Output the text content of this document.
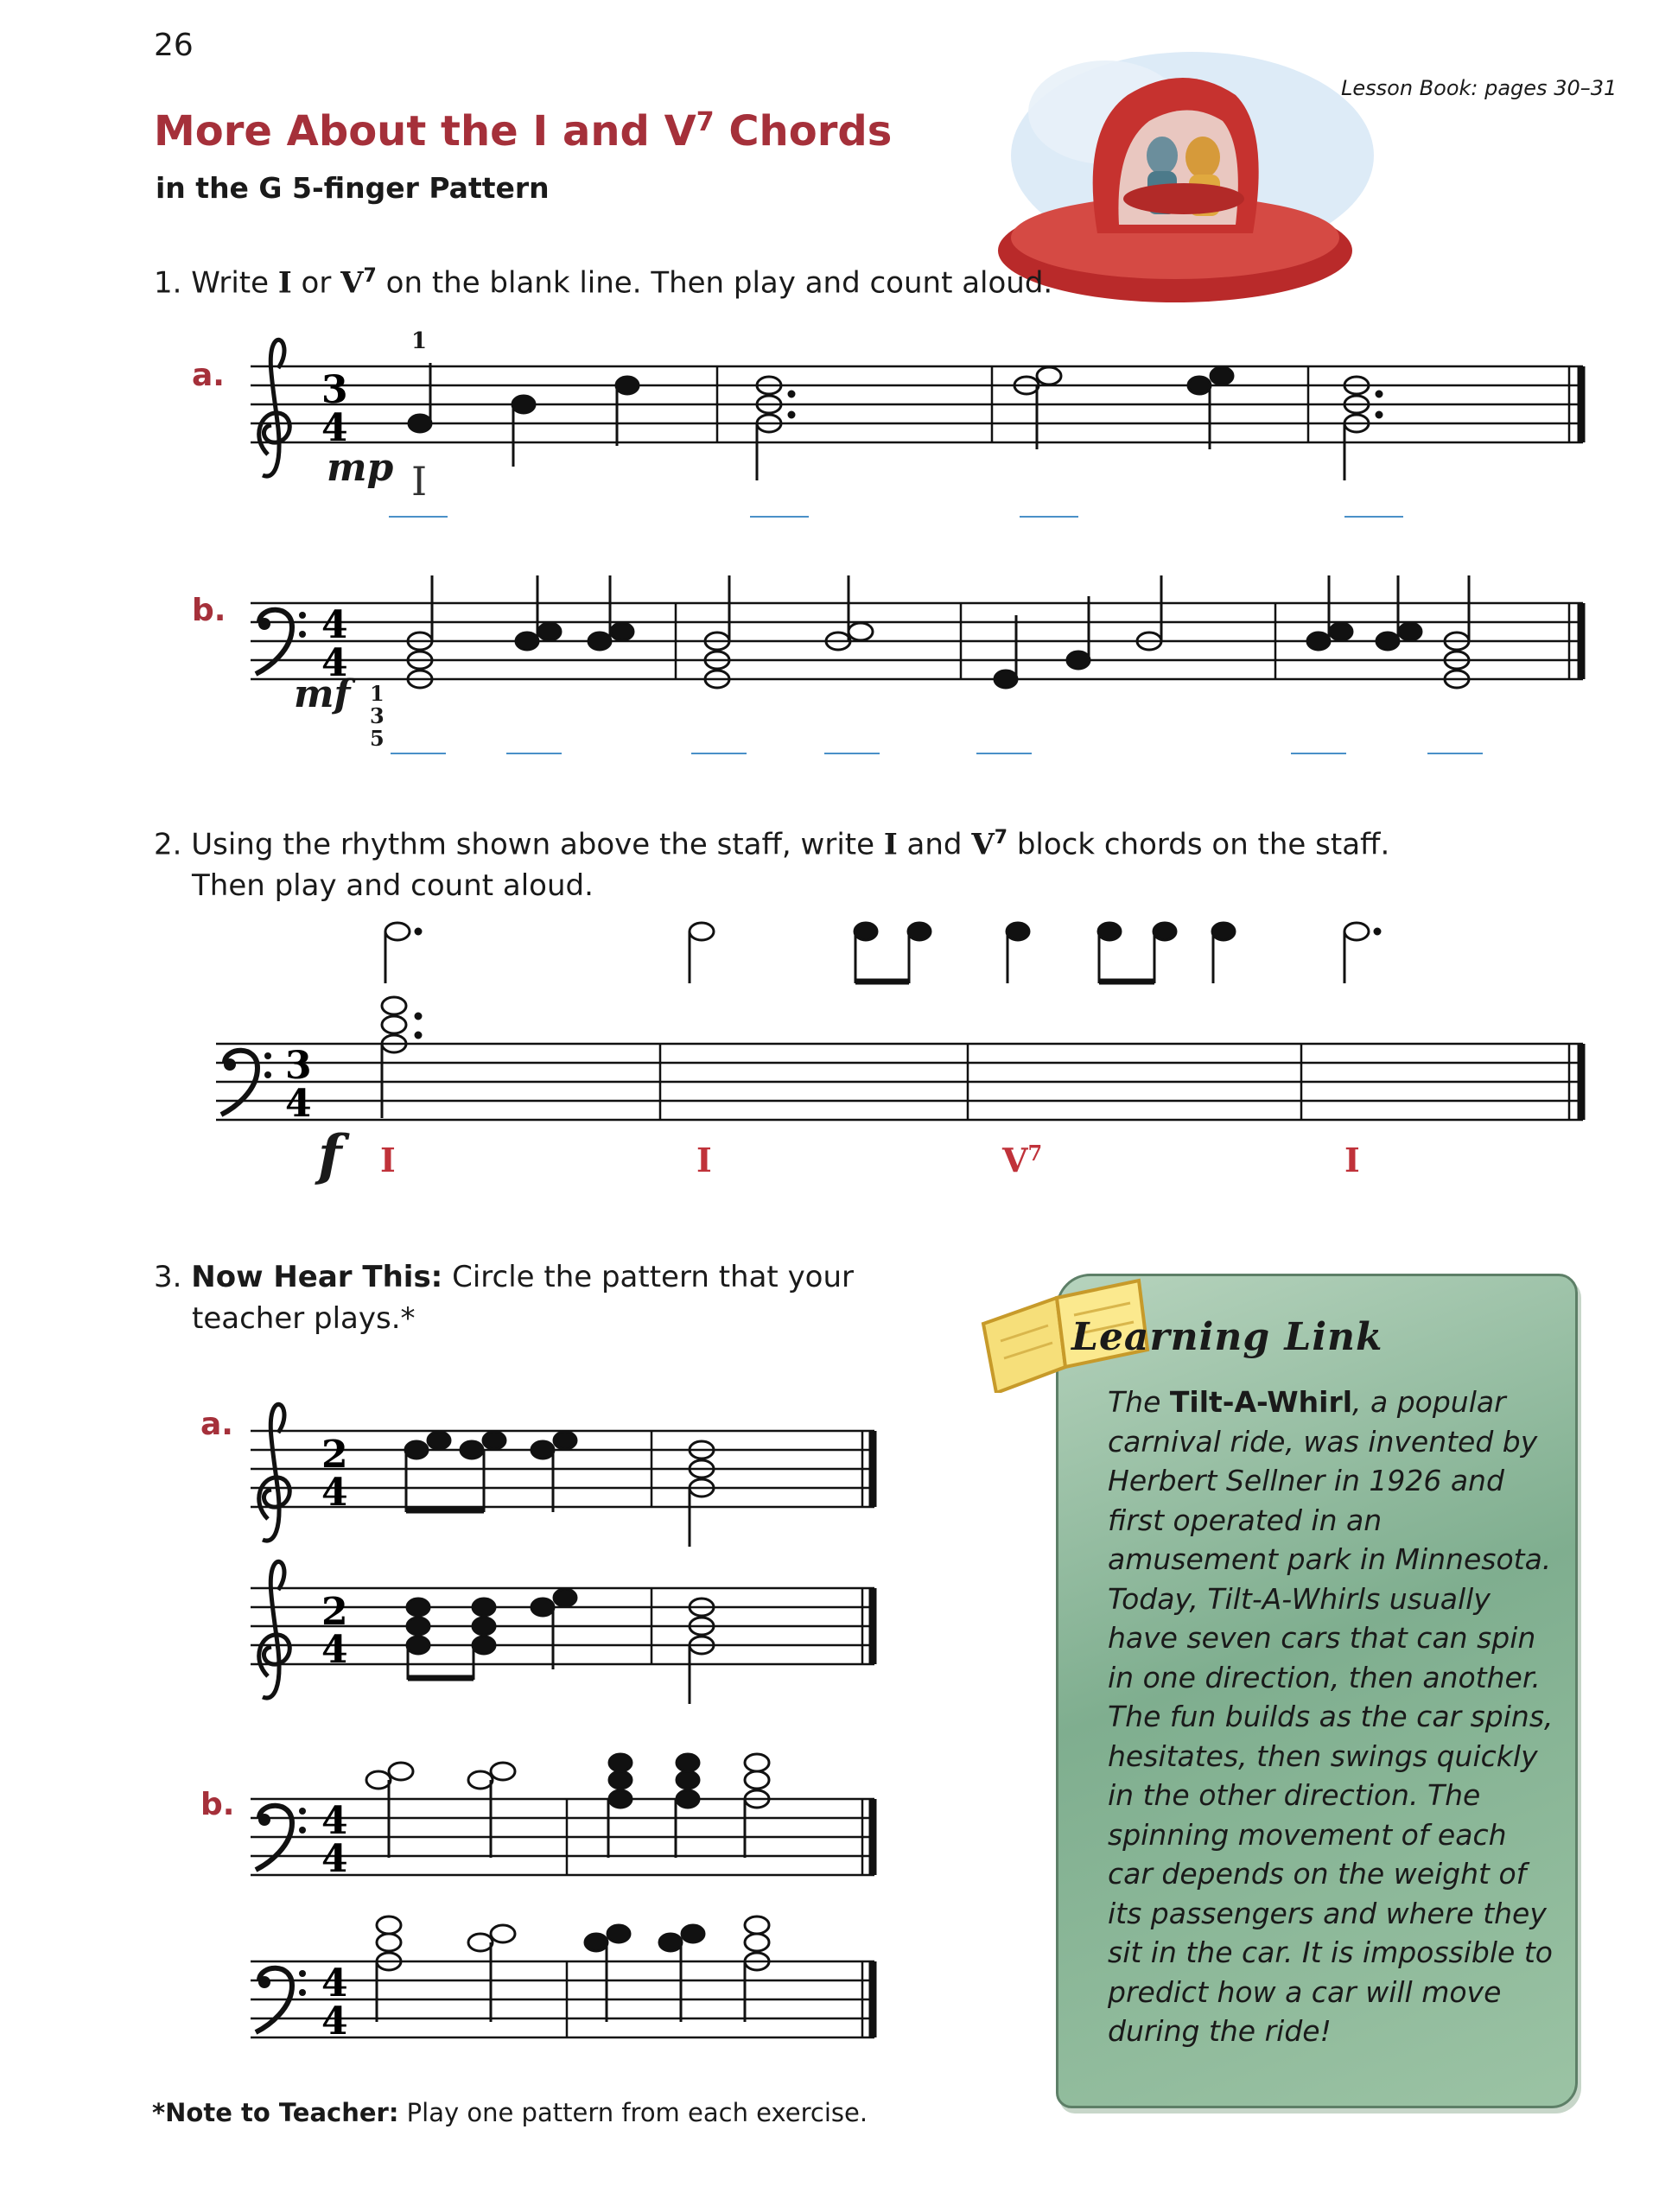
26
Lesson Book: pages 30–31
More About the I and $V^7$ Chords
in the G 5-finger Pattern
1. Write I or $V^7$ on the blank line. Then play and count aloud.
2. Using the rhythm shown above the staff, write I and $V^7$ block chords on the staff.
Then play and count aloud.
3. Now Hear This: Circle the pattern that your
teacher plays.*
a.
mp
1
I
b.
mf 1
3
5
f I	I	$V^7$	I
a.
b.
3
4
4
4
3
4
2
4
2
4
4
4
4
4
Learning Link
The Tilt-A-Whirl, a popular carnival ride, was invented by Herbert Sellner in 1926 and first operated in an amusement park in Minnesota. Today, Tilt-A-Whirls usually have seven cars that can spin in one direction, then another. The fun builds as the car spins, hesitates, then swings quickly in the other direction. The spinning movement of each car depends on the weight of its passengers and where they sit in the car. It is impossible to predict how a car will move during the ride!
*Note to Teacher: Play one pattern from each exercise.
